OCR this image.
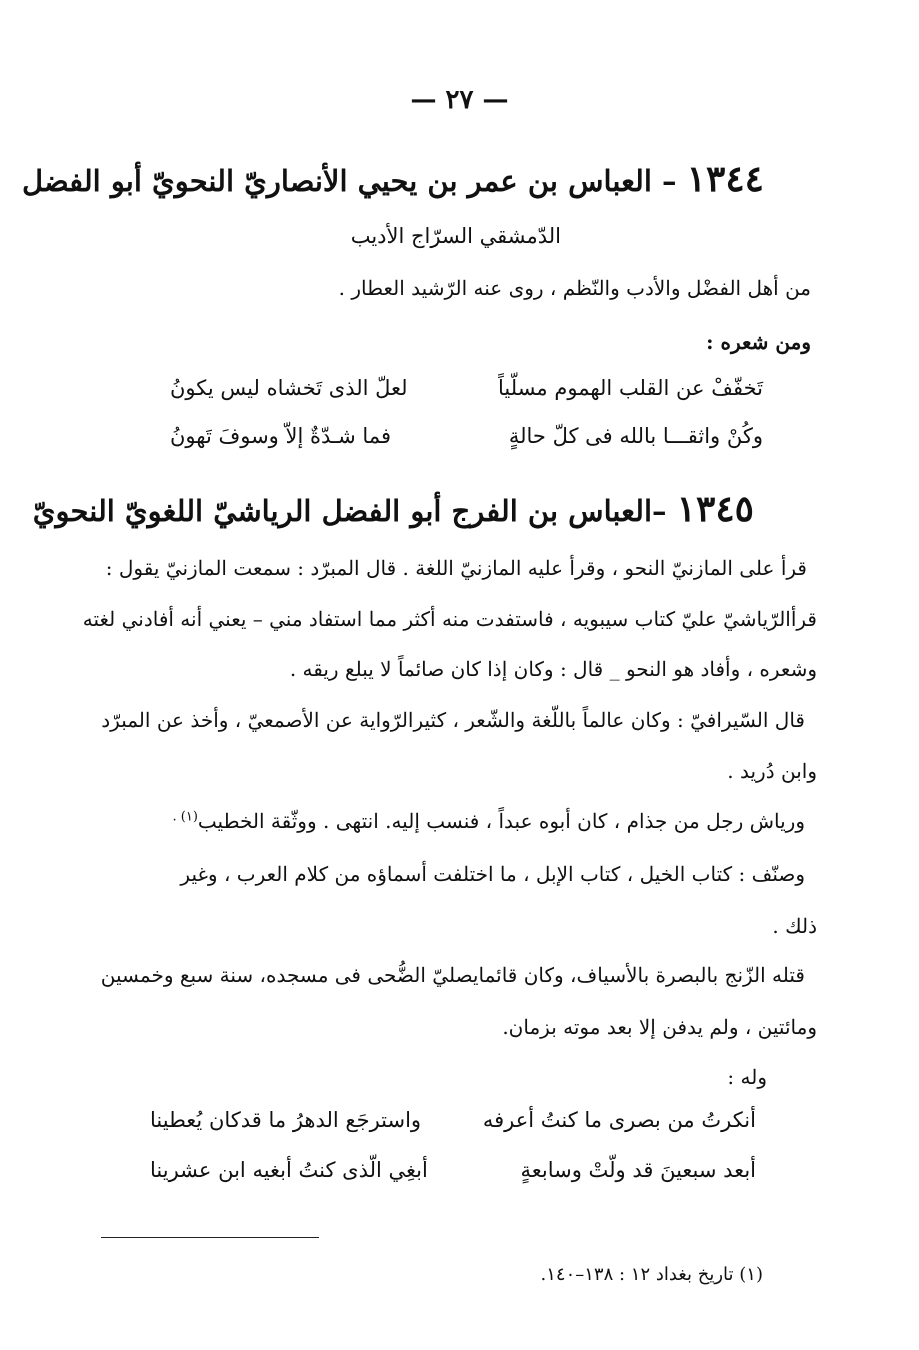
— ٢٧ —
١٣٤٤ – العباس بن عمر بن يحيي الأنصاريّ النحويّ أبو الفضل
الدّمشقي السرّاج الأديب
من أهل الفضْل والأدب والنّظم ، روى عنه الرّشيد العطار .
ومن شعره :
تَخفّفْ عن القلب الهموم مسلّياً
لعلّ الذى تَخشاه ليس يكونُ
وكُنْ واثقـــا بالله فى كلّ حالةٍ
فما شـدّةٌ إلاّ وسوفَ تَهونُ
١٣٤٥ –العباس بن الفرج أبو الفضل الرياشيّ اللغويّ النحويّ
قرأ على المازنيّ النحو ، وقرأ عليه المازنيّ اللغة . قال المبرّد : سمعت المازنيّ يقول :
قرأالرّياشيّ عليّ كتاب سيبويه ، فاستفدت منه أكثر مما استفاد مني – يعني أنه أفادني لغته
وشعره ، وأفاد هو النحو _ قال : وكان إذا كان صائماً لا يبلع ريقه .
قال السّيرافيّ : وكان عالماً باللّغة والشّعر ، كثيرالرّواية عن الأصمعيّ ، وأخذ عن المبرّد
وابن دُريد .
ورياش رجل من جذام ، كان أبوه عبداً ، فنسب إليه. انتهى . ووثّقة الخطيب$^{(١) .}$
وصنّف : كتاب الخيل ، كتاب الإبل ، ما اختلفت أسماؤه من كلام العرب ، وغير
ذلك .
قتله الزّنج بالبصرة بالأسياف، وكان قائمايصليّ الضُّحى فى مسجده، سنة سبع وخمسين
ومائتين ، ولم يدفن إلا بعد موته بزمان.
وله :
أنكرتُ من بصرى ما كنتُ أعرفه
واسترجَع الدهرُ ما قدكان يُعطينا
أبعد سبعينَ قد ولّتْ وسابعةٍ
أبغِي الّذى كنتُ أبغيه ابن عشرينا
(١) تاريخ بغداد ١٢ : ١٣٨–١٤٠.
